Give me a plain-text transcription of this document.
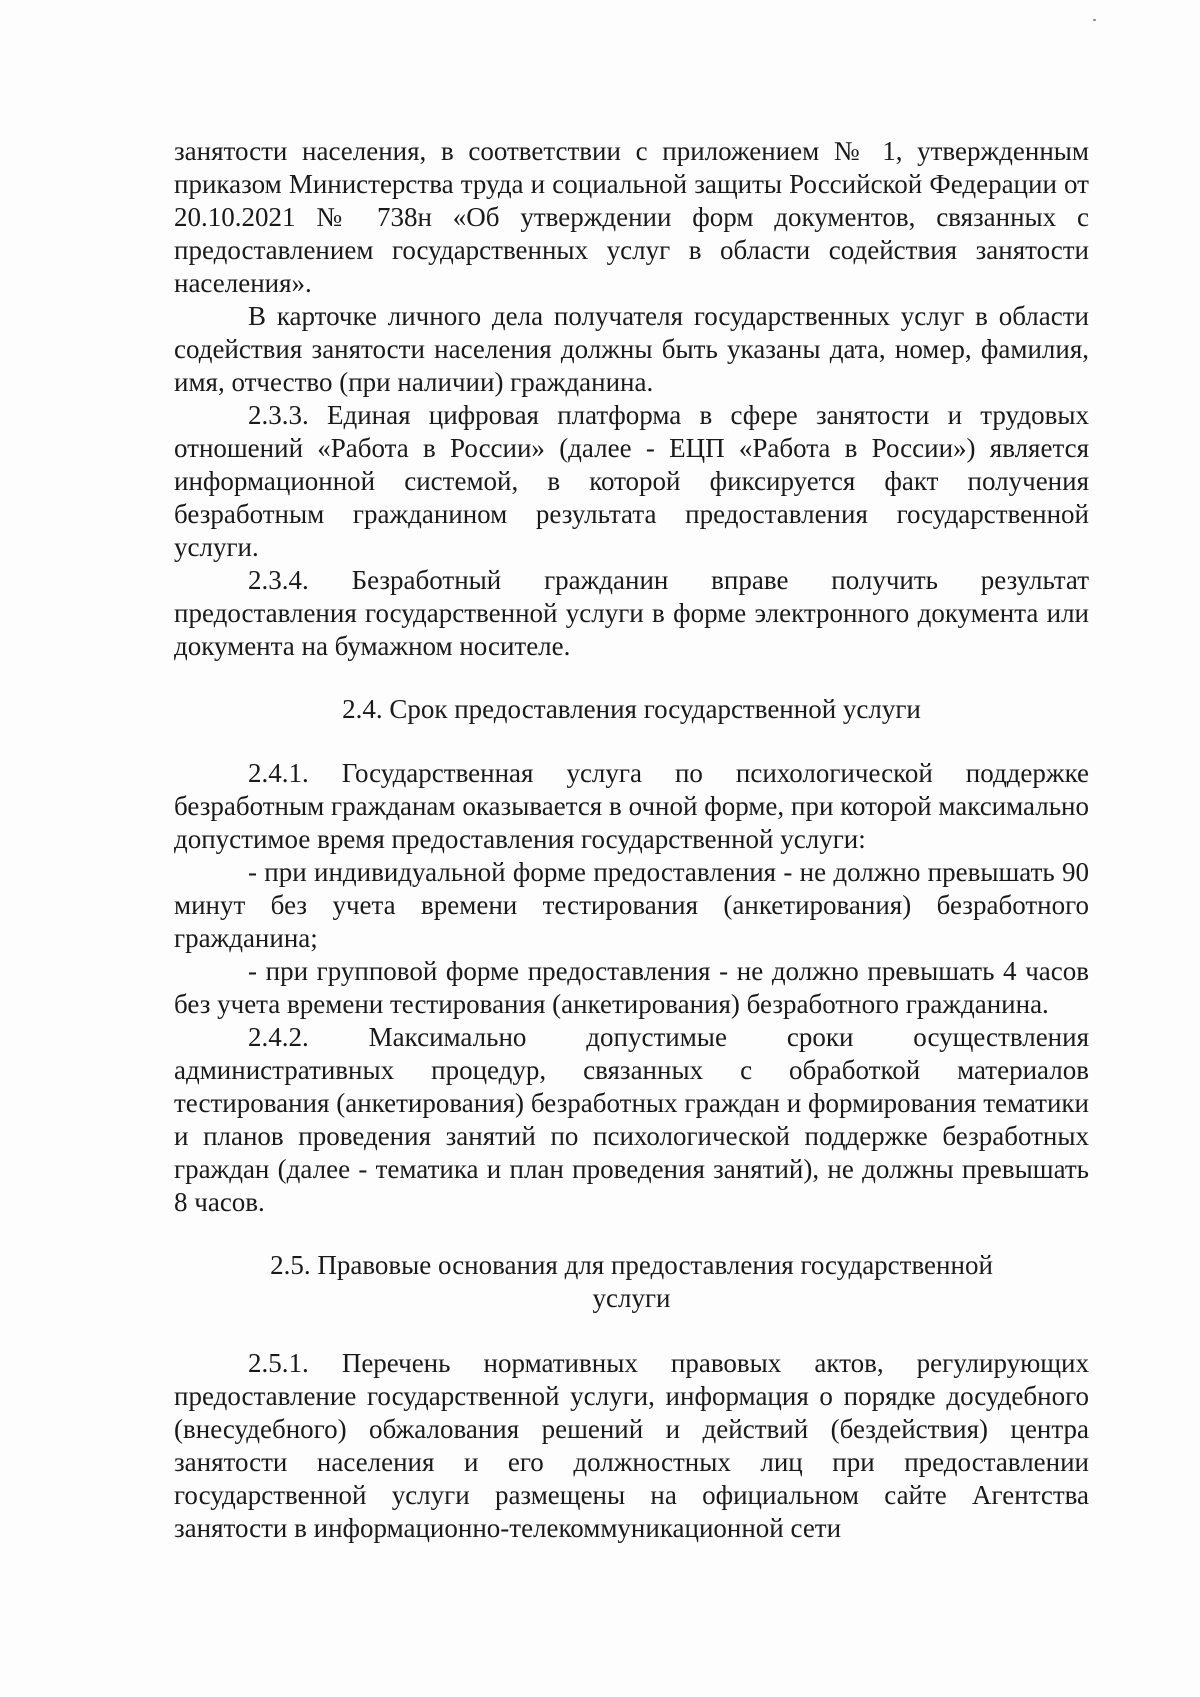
занятости населения, в соответствии с приложением № 1, утвержденным приказом Министерства труда и социальной защиты Российской Федерации от 20.10.2021 № 738н «Об утверждении форм документов, связанных с предоставлением государственных услуг в области содействия занятости населения».

В карточке личного дела получателя государственных услуг в области содействия занятости населения должны быть указаны дата, номер, фамилия, имя, отчество (при наличии) гражданина.

2.3.3. Единая цифровая платформа в сфере занятости и трудовых отношений «Работа в России» (далее - ЕЦП «Работа в России») является информационной системой, в которой фиксируется факт получения безработным гражданином результата предоставления государственной услуги.

2.3.4. Безработный гражданин вправе получить результат предоставления государственной услуги в форме электронного документа или документа на бумажном носителе.

2.4. Срок предоставления государственной услуги

2.4.1. Государственная услуга по психологической поддержке безработным гражданам оказывается в очной форме, при которой максимально допустимое время предоставления государственной услуги:

- при индивидуальной форме предоставления - не должно превышать 90 минут без учета времени тестирования (анкетирования) безработного гражданина;

- при групповой форме предоставления - не должно превышать 4 часов без учета времени тестирования (анкетирования) безработного гражданина.

2.4.2. Максимально допустимые сроки осуществления административных процедур, связанных с обработкой материалов тестирования (анкетирования) безработных граждан и формирования тематики и планов проведения занятий по психологической поддержке безработных граждан (далее - тематика и план проведения занятий), не должны превышать 8 часов.

2.5. Правовые основания для предоставления государственной
услуги

2.5.1. Перечень нормативных правовых актов, регулирующих предоставление государственной услуги, информация о порядке досудебного (внесудебного) обжалования решений и действий (бездействия) центра занятости населения и его должностных лиц при предоставлении государственной услуги размещены на официальном сайте Агентства занятости в информационно-телекоммуникационной сети
